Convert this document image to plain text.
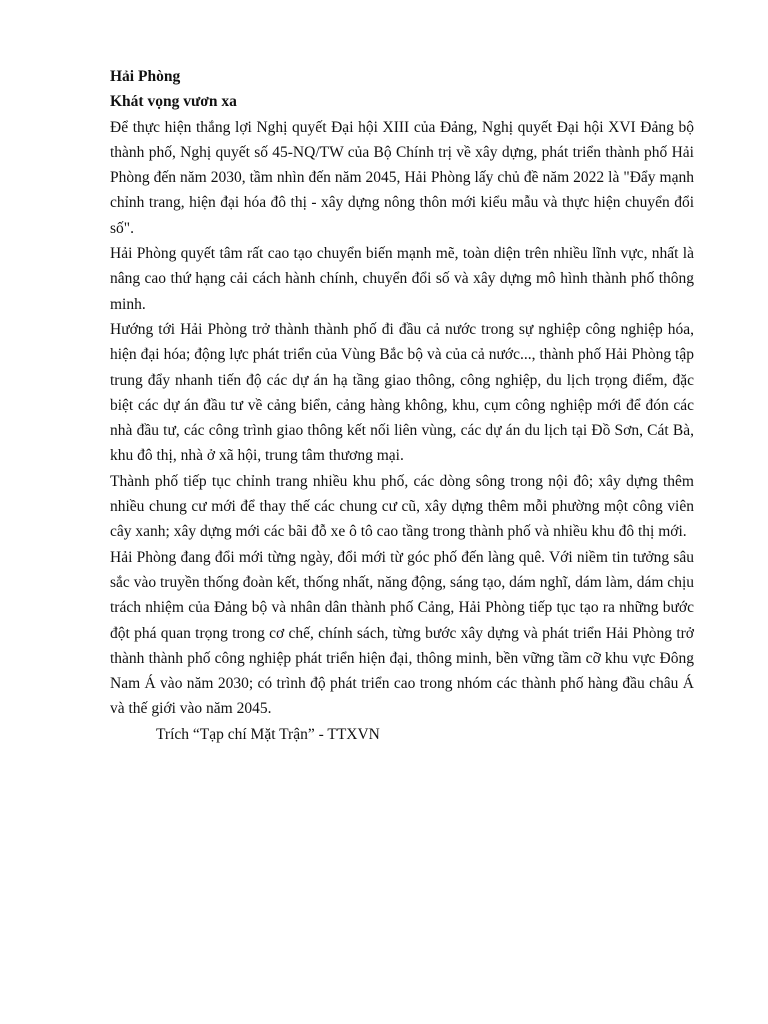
Hải Phòng

Khát vọng vươn xa

Để thực hiện thắng lợi Nghị quyết Đại hội XIII của Đảng, Nghị quyết Đại hội XVI Đảng bộ thành phố, Nghị quyết số 45-NQ/TW của Bộ Chính trị về xây dựng, phát triển thành phố Hải Phòng đến năm 2030, tầm nhìn đến năm 2045, Hải Phòng lấy chủ đề năm 2022 là "Đẩy mạnh chỉnh trang, hiện đại hóa đô thị - xây dựng nông thôn mới kiểu mẫu và thực hiện chuyển đổi số".

Hải Phòng quyết tâm rất cao tạo chuyển biến mạnh mẽ, toàn diện trên nhiều lĩnh vực, nhất là nâng cao thứ hạng cải cách hành chính, chuyển đổi số và xây dựng mô hình thành phố thông minh.

Hướng tới Hải Phòng trở thành thành phố đi đầu cả nước trong sự nghiệp công nghiệp hóa, hiện đại hóa; động lực phát triển của Vùng Bắc bộ và của cả nước..., thành phố Hải Phòng tập trung đẩy nhanh tiến độ các dự án hạ tầng giao thông, công nghiệp, du lịch trọng điểm, đặc biệt các dự án đầu tư về cảng biển, cảng hàng không, khu, cụm công nghiệp mới để đón các nhà đầu tư, các công trình giao thông kết nối liên vùng, các dự án du lịch tại Đồ Sơn, Cát Bà, khu đô thị, nhà ở xã hội, trung tâm thương mại.

Thành phố tiếp tục chỉnh trang nhiều khu phố, các dòng sông trong nội đô; xây dựng thêm nhiều chung cư mới để thay thế các chung cư cũ, xây dựng thêm mỗi phường một công viên cây xanh; xây dựng mới các bãi đỗ xe ô tô cao tầng trong thành phố và nhiều khu đô thị mới.

Hải Phòng đang đổi mới từng ngày, đổi mới từ góc phố đến làng quê. Với niềm tin tưởng sâu sắc vào truyền thống đoàn kết, thống nhất, năng động, sáng tạo, dám nghĩ, dám làm, dám chịu trách nhiệm của Đảng bộ và nhân dân thành phố Cảng, Hải Phòng tiếp tục tạo ra những bước đột phá quan trọng trong cơ chế, chính sách, từng bước xây dựng và phát triển Hải Phòng trở thành thành phố công nghiệp phát triển hiện đại, thông minh, bền vững tầm cỡ khu vực Đông Nam Á vào năm 2030; có trình độ phát triển cao trong nhóm các thành phố hàng đầu châu Á và thế giới vào năm 2045.

Trích “Tạp chí Mặt Trận” - TTXVN
